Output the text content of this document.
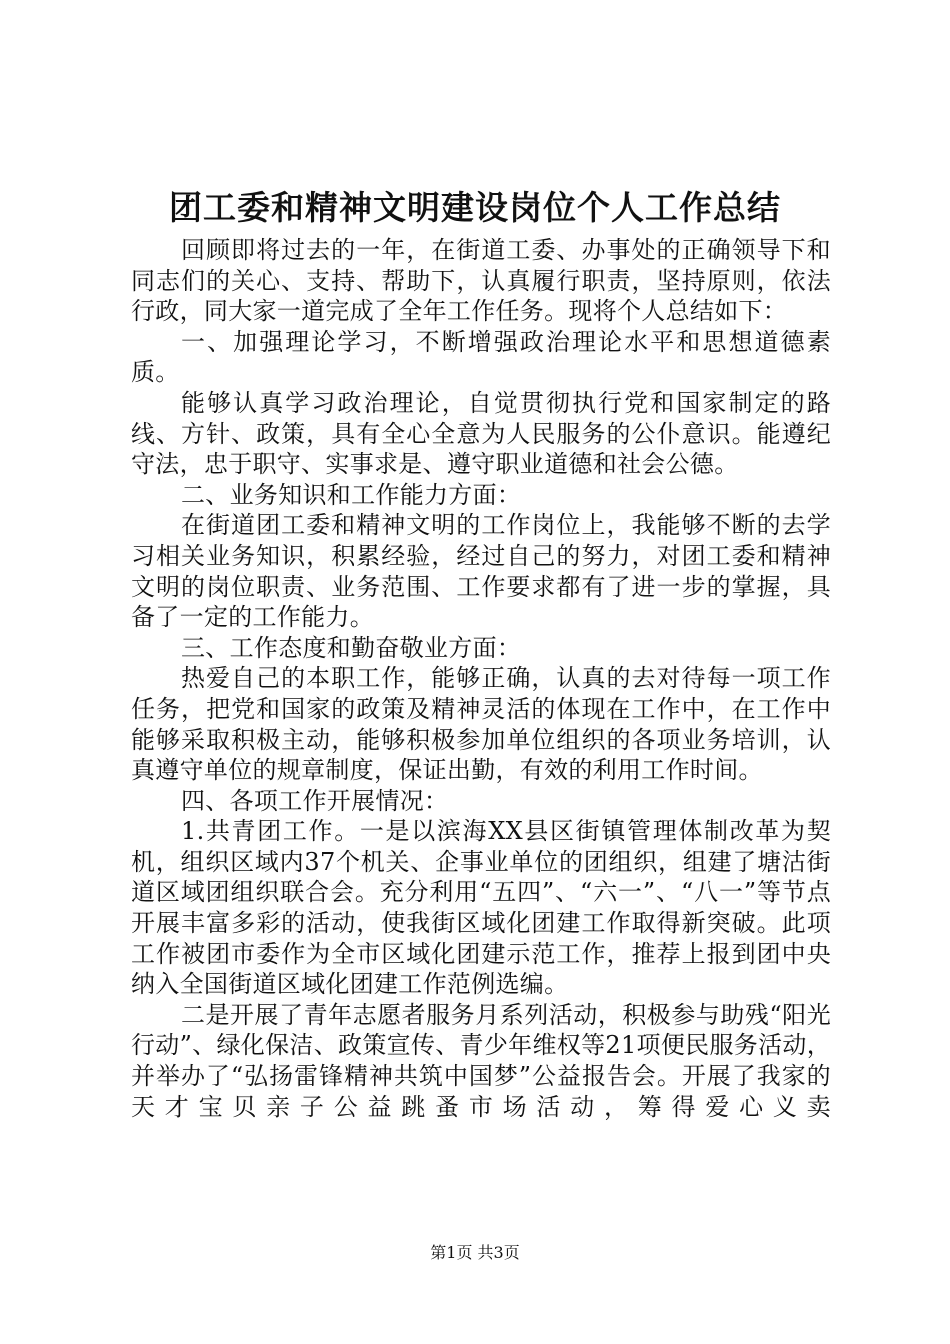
团工委和精神文明建设岗位个人工作总结

回顾即将过去的一年，在街道工委、办事处的正确领导下和同志们的关心、支持、帮助下，认真履行职责，坚持原则，依法行政，同大家一道完成了全年工作任务。现将个人总结如下：

一、加强理论学习，不断增强政治理论水平和思想道德素质。

能够认真学习政治理论，自觉贯彻执行党和国家制定的路线、方针、政策，具有全心全意为人民服务的公仆意识。能遵纪守法，忠于职守、实事求是、遵守职业道德和社会公德。

二、业务知识和工作能力方面：

在街道团工委和精神文明的工作岗位上，我能够不断的去学习相关业务知识，积累经验，经过自己的努力，对团工委和精神文明的岗位职责、业务范围、工作要求都有了进一步的掌握，具备了一定的工作能力。

三、工作态度和勤奋敬业方面：

热爱自己的本职工作，能够正确，认真的去对待每一项工作任务，把党和国家的政策及精神灵活的体现在工作中，在工作中能够采取积极主动，能够积极参加单位组织的各项业务培训，认真遵守单位的规章制度，保证出勤，有效的利用工作时间。

四、各项工作开展情况：

1.共青团工作。一是以滨海XX县区街镇管理体制改革为契机，组织区域内37个机关、企事业单位的团组织，组建了塘沽街道区域团组织联合会。充分利用“五四”、“六一”、“八一”等节点开展丰富多彩的活动，使我街区域化团建工作取得新突破。此项工作被团市委作为全市区域化团建示范工作，推荐上报到团中央纳入全国街道区域化团建工作范例选编。

二是开展了青年志愿者服务月系列活动，积极参与助残“阳光行动”、绿化保洁、政策宣传、青少年维权等21项便民服务活动，并举办了“弘扬雷锋精神共筑中国梦”公益报告会。开展了我家的天才宝贝亲子公益跳蚤市场活动，筹得爱心义卖

第1页 共3页
